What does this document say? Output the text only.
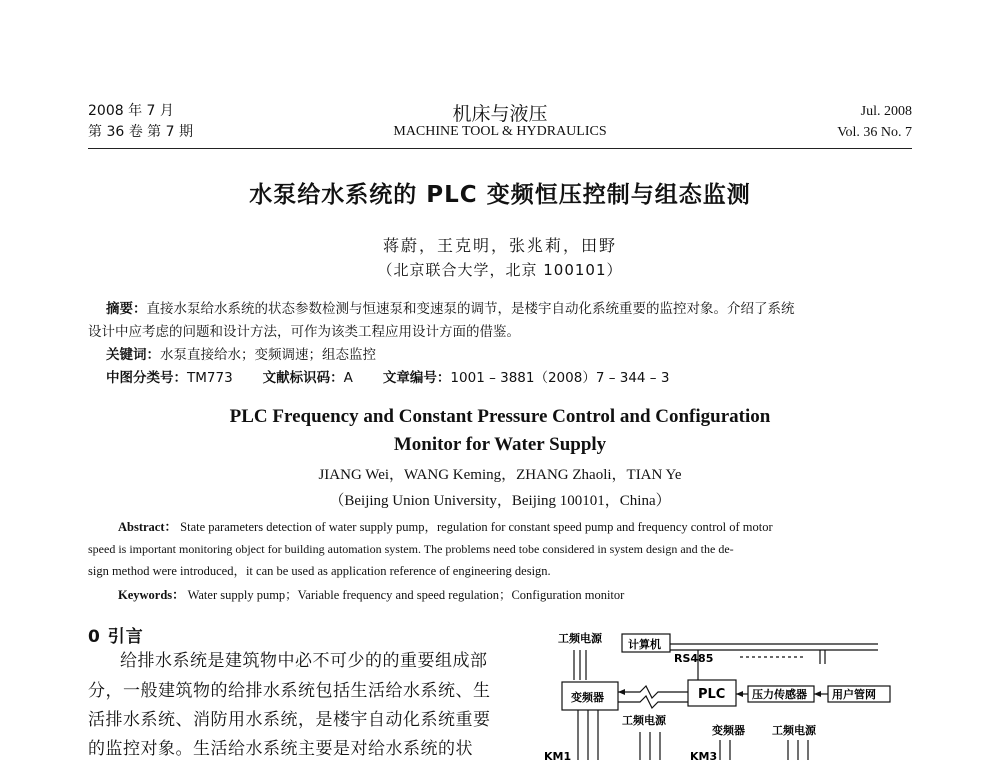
2008 年 7 月
第 36 卷 第 7 期
机床与液压
MACHINE TOOL & HYDRAULICS
Jul. 2008
Vol. 36 No. 7
水泵给水系统的 PLC 变频恒压控制与组态监测
蒋蔚，王克明，张兆莉，田野
（北京联合大学，北京 100101）
摘要：直接水泵给水系统的状态参数检测与恒速泵和变速泵的调节，是楼宇自动化系统重要的监控对象。介绍了系统
设计中应考虑的问题和设计方法，可作为该类工程应用设计方面的借鉴。
关键词：水泵直接给水；变频调速；组态监控
中图分类号：TM773 文献标识码：A 文章编号：1001 – 3881（2008）7 – 344 – 3
PLC Frequency and Constant Pressure Control and Configuration
Monitor for Water Supply
JIANG Wei，WANG Keming，ZHANG Zhaoli，TIAN Ye
（Beijing Union University，Beijing 100101，China）
Abstract： State parameters detection of water supply pump，regulation for constant speed pump and frequency control of motor
speed is important monitoring object for building automation system. The problems need tobe considered in system design and the de-
sign method were introduced，it can be used as application reference of engineering design.
Keywords： Water supply pump；Variable frequency and speed regulation；Configuration monitor
0 引言
给排水系统是建筑物中必不可少的的重要组成部
分，一般建筑物的给排水系统包括生活给水系统、生
活排水系统、消防用水系统，是楼宇自动化系统重要
的监控对象。生活给水系统主要是对给水系统的状
工频电源 计算机
RS485
变频器
工频电源
PLC 压力传感器 用户管网
变频器 工频电源
KM1	KM3
